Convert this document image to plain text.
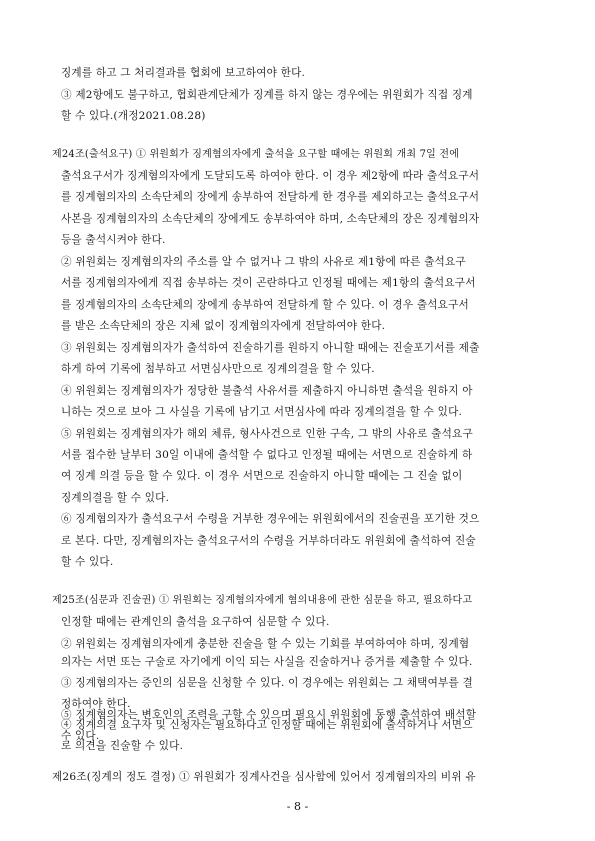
징계를 하고 그 처리결과를 협회에 보고하여야 한다.
③ 제2항에도 불구하고, 협회관계단체가 징계를 하지 않는 경우에는 위원회가 직접 징계
할 수 있다.(개정2021.08.28)
제24조(출석요구) ① 위원회가 징계혐의자에게 출석을 요구할 때에는 위원회 개최 7일 전에
출석요구서가 징계혐의자에게 도달되도록 하여야 한다. 이 경우 제2항에 따라 출석요구서
를 징계혐의자의 소속단체의 장에게 송부하여 전달하게 한 경우를 제외하고는 출석요구서
사본을 징계혐의자의 소속단체의 장에게도 송부하여야 하며, 소속단체의 장은 징계혐의자
등을 출석시켜야 한다.
② 위원회는 징계혐의자의 주소를 알 수 없거나 그 밖의 사유로 제1항에 따른 출석요구
서를 징계혐의자에게 직접 송부하는 것이 곤란하다고 인정될 때에는 제1항의 출석요구서
를 징계혐의자의 소속단체의 장에게 송부하여 전달하게 할 수 있다. 이 경우 출석요구서
를 받은 소속단체의 장은 지체 없이 징계혐의자에게 전달하여야 한다.
③ 위원회는 징계혐의자가 출석하여 진술하기를 원하지 아니할 때에는 진술포기서를 제출
하게 하여 기록에 첨부하고 서면심사만으로 징계의결을 할 수 있다.
④ 위원회는 징계혐의자가 정당한 불출석 사유서를 제출하지 아니하면 출석을 원하지 아
니하는 것으로 보아 그 사실을 기록에 남기고 서면심사에 따라 징계의결을 할 수 있다.
⑤ 위원회는 징계혐의자가 해외 체류, 형사사건으로 인한 구속, 그 밖의 사유로 출석요구
서를 접수한 날부터 30일 이내에 출석할 수 없다고 인정될 때에는 서면으로 진술하게 하
여 징계 의결 등을 할 수 있다. 이 경우 서면으로 진술하지 아니할 때에는 그 진술 없이
징계의결을 할 수 있다.
⑥ 징계혐의자가 출석요구서 수령을 거부한 경우에는 위원회에서의 진술권을 포기한 것으
로 본다. 다만, 징계혐의자는 출석요구서의 수령을 거부하더라도 위원회에 출석하여 진술
할 수 있다.
제25조(심문과 진술권) ① 위원회는 징계혐의자에게 혐의내용에 관한 심문을 하고, 필요하다고
인정할 때에는 관계인의 출석을 요구하여 심문할 수 있다.
② 위원회는 징계혐의자에게 충분한 진술을 할 수 있는 기회를 부여하여야 하며, 징계혐
의자는 서면 또는 구술로 자기에게 이익 되는 사실을 진술하거나 증거를 제출할 수 있다.
③ 징계혐의자는 증인의 심문을 신청할 수 있다. 이 경우에는 위원회는 그 채택여부를 결
정하여야 한다.
④ 징계의결 요구자 및 신청자는 필요하다고 인정할 때에는 위원회에 출석하거나 서면으
로 의견을 진술할 수 있다.
⑤ 징계혐의자는 변호인의 조력을 구할 수 있으며 필요시 위원회에 동행 출석하여 배석할
수 있다.
- 8 -
제26조(징계의 정도 결정) ① 위원회가 징계사건을 심사함에 있어서 징계혐의자의 비위 유
